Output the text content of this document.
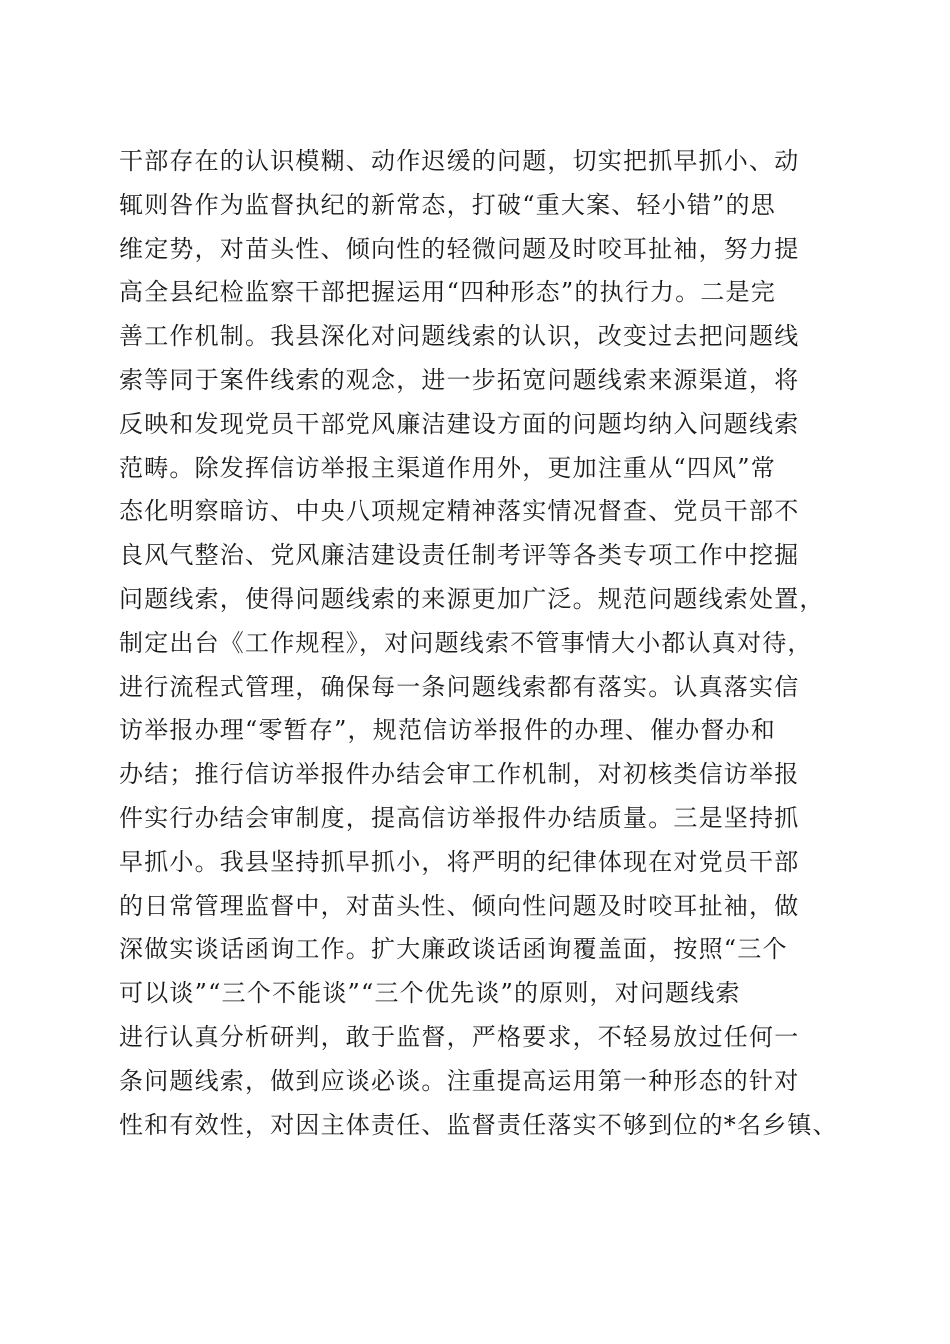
干部存在的认识模糊、动作迟缓的问题，切实把抓早抓小、动
辄则咎作为监督执纪的新常态，打破“重大案、轻小错”的思
维定势，对苗头性、倾向性的轻微问题及时咬耳扯袖，努力提
高全县纪检监察干部把握运用“四种形态”的执行力。二是完
善工作机制。我县深化对问题线索的认识，改变过去把问题线
索等同于案件线索的观念，进一步拓宽问题线索来源渠道，将
反映和发现党员干部党风廉洁建设方面的问题均纳入问题线索
范畴。除发挥信访举报主渠道作用外，更加注重从“四风”常
态化明察暗访、中央八项规定精神落实情况督查、党员干部不
良风气整治、党风廉洁建设责任制考评等各类专项工作中挖掘
问题线索，使得问题线索的来源更加广泛。规范问题线索处置，
制定出台《工作规程》，对问题线索不管事情大小都认真对待，
进行流程式管理，确保每一条问题线索都有落实。认真落实信
访举报办理“零暂存”，规范信访举报件的办理、催办督办和
办结；推行信访举报件办结会审工作机制，对初核类信访举报
件实行办结会审制度，提高信访举报件办结质量。三是坚持抓
早抓小。我县坚持抓早抓小，将严明的纪律体现在对党员干部
的日常管理监督中，对苗头性、倾向性问题及时咬耳扯袖，做
深做实谈话函询工作。扩大廉政谈话函询覆盖面，按照“三个
可以谈”“三个不能谈”“三个优先谈”的原则，对问题线索
进行认真分析研判，敢于监督，严格要求，不轻易放过任何一
条问题线索，做到应谈必谈。注重提高运用第一种形态的针对
性和有效性，对因主体责任、监督责任落实不够到位的*名乡镇、
